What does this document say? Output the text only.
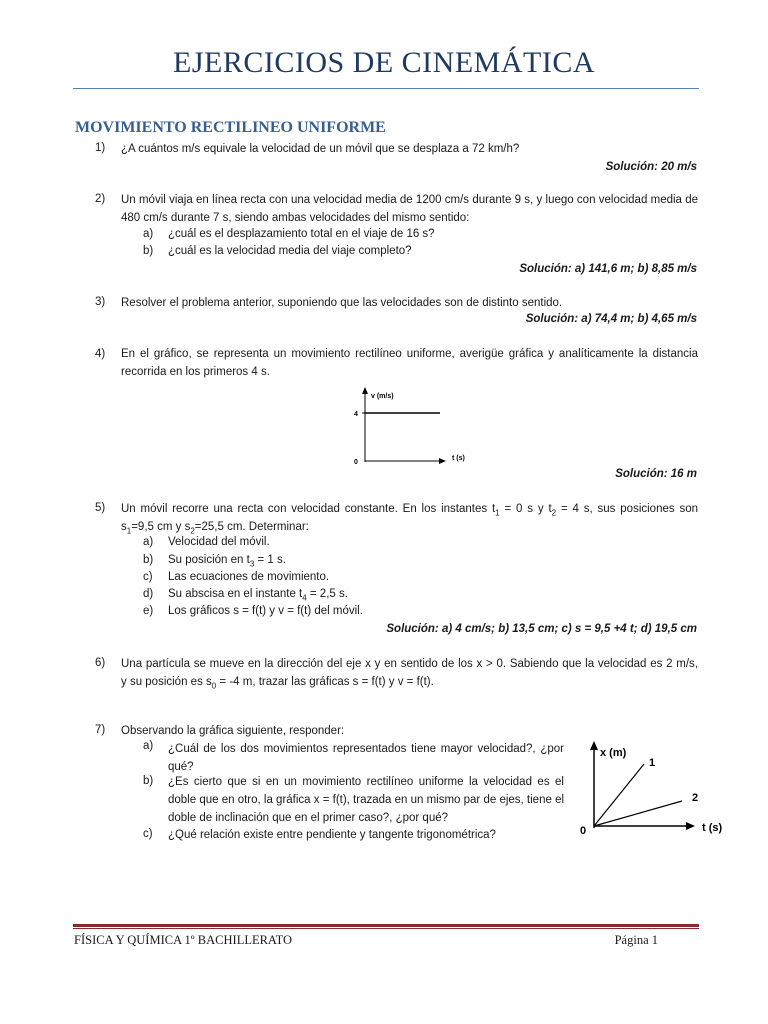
EJERCICIOS DE CINEMÁTICA
MOVIMIENTO RECTILINEO UNIFORME
1) ¿A cuántos m/s equivale la velocidad de un móvil que se desplaza a 72 km/h?
Solución: 20 m/s
2) Un móvil viaja en línea recta con una velocidad media de 1200 cm/s durante 9 s, y luego con velocidad media de 480 cm/s durante 7 s, siendo ambas velocidades del mismo sentido:
a) ¿cuál es el desplazamiento total en el viaje de 16 s?
b) ¿cuál es la velocidad media del viaje completo?
Solución: a) 141,6 m; b) 8,85 m/s
3) Resolver el problema anterior, suponiendo que las velocidades son de distinto sentido.
Solución: a) 74,4 m; b) 4,65 m/s
4) En el gráfico, se representa un movimiento rectilíneo uniforme, averigüe gráfica y analíticamente la distancia recorrida en los primeros 4 s.
v (m/s)
t (s)
4
0
Solución: 16 m
5) Un móvil recorre una recta con velocidad constante. En los instantes $t_1 = 0$ s y $t_2 = 4$ s, sus posiciones son
$s_1=9,5$ cm y $s_2=25,5$ cm. Determinar:
a) Velocidad del móvil.
b) Su posición en $t_3 = 1$ s.
c) Las ecuaciones de movimiento.
d) Su abscisa en el instante $t_4 = 2,5$ s.
e) Los gráficos s = f(t) y v = f(t) del móvil.
Solución: a) 4 cm/s; b) 13,5 cm; c) s = 9,5 +4 t; d) 19,5 cm
6) Una partícula se mueve en la dirección del eje x y en sentido de los x > 0. Sabiendo que la velocidad es 2 m/s,
y su posición es $s_0 = -4$ m, trazar las gráficas s = f(t) y v = f(t).
7) Observando la gráfica siguiente, responder:
a) ¿Cuál de los dos movimientos representados tiene mayor velocidad?, ¿por qué?
b) ¿Es cierto que si en un movimiento rectilíneo uniforme la velocidad es el doble que en otro, la gráfica x = f(t), trazada en un mismo par de ejes, tiene el doble de inclinación que en el primer caso?, ¿por qué?
c) ¿Qué relación existe entre pendiente y tangente trigonométrica?
x (m)
t (s)
1
2
0
FÍSICA Y QUÍMICA 1º BACHILLERATO	Página 1
